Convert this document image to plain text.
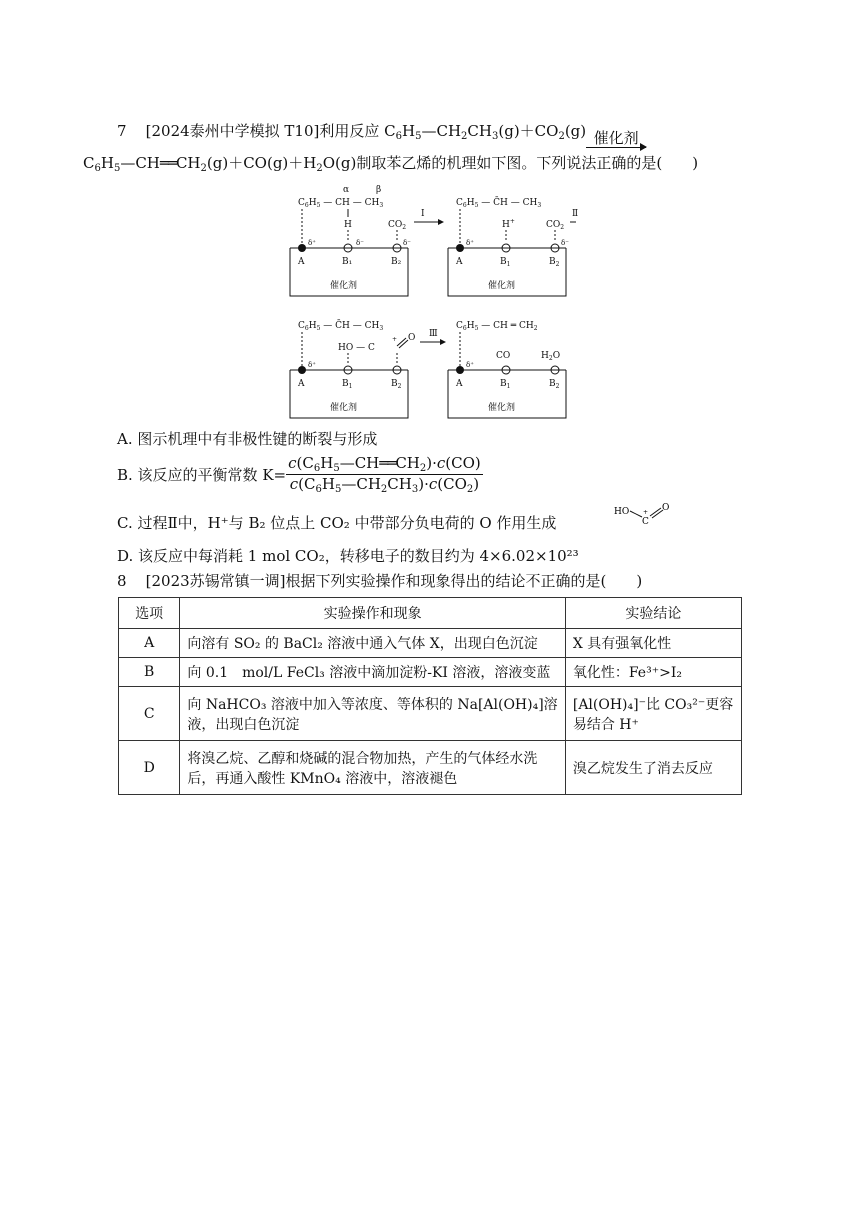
7 [2024泰州中学模拟 T10]利用反应 $C_6H_5—CH_2CH_3(g)+CO_2(g)$ 催化剂
$C_6H_5—CH══CH_2(g)+CO(g)+H_2O(g)$制取苯乙烯的机理如下图。下列说法正确的是(　　)
$C_6H_5$ — CH — $CH_3$
α	β
H	$CO_2$
δ⁺	δ⁻	δ⁻
A	B₁	B₂
催化剂
Ⅰ
$C_6H_5$ — C̄H — $CH_3$
H+	$CO_2$
δ⁺	δ⁻
A	$B_1$	$B_2$
催化剂
Ⅱ
$C_6H_5$ — C̄H — $CH_3$
HO — C
+ O
δ⁺
A	$B_1$	$B_2$
催化剂
Ⅲ
$C_6H_5$ — CH ═ $CH_2$
CO	$H_2O$
δ⁺
A	$B_1$	$B_2$
催化剂
A. 图示机理中有非极性键的断裂与形成
B. 该反应的平衡常数 $K= \frac{c(C_6H_5—CH══CH_2)\cdot c(CO)}{c(C_6H_5—CH_2CH_3)\cdot c(CO_2)}$
C. 过程Ⅱ中，H⁺与 B₂ 位点上 CO₂ 中带部分负电荷的 O 作用生成
HO
C
+ O
D. 该反应中每消耗 1 mol CO₂，转移电子的数目约为 4×6.02×10²³
8 [2023苏锡常镇一调]根据下列实验操作和现象得出的结论不正确的是(　　)
选项	实验操作和现象	实验结论
A	向溶有 SO₂ 的 BaCl₂ 溶液中通入气体 X，出现白色沉淀	X 具有强氧化性
B	向 0.1　mol/L FeCl₃ 溶液中滴加淀粉-KI 溶液，溶液变蓝	氧化性：Fe³⁺>I₂
C	向 NaHCO₃ 溶液中加入等浓度、等体积的 Na[Al(OH)₄]溶液，出现白色沉淀	[Al(OH)₄]⁻比 CO₃²⁻更容易结合 H⁺
D	将溴乙烷、乙醇和烧碱的混合物加热，产生的气体经水洗后，再通入酸性 KMnO₄ 溶液中，溶液褪色	溴乙烷发生了消去反应
